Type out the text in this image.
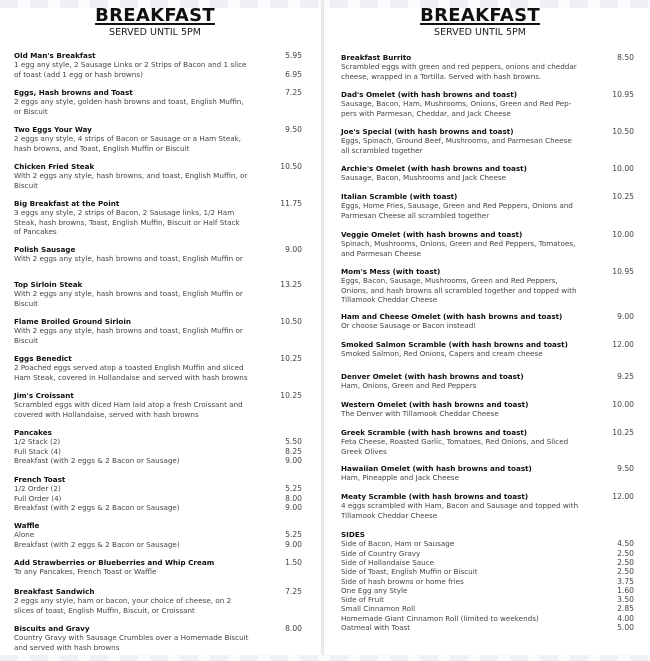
BREAKFAST
SERVED UNTIL 5PM
BREAKFAST
SERVED UNTIL 5PM
Old Man's Breakfast	5.95
1 egg any style, 2 Sausage Links or 2 Strips of Bacon and 1 slice
of toast (add 1 egg or hash browns)	6.95
Eggs, Hash browns and Toast	7.25
2 eggs any style, golden hash browns and toast, English Muffin,
or Biscuit
Two Eggs Your Way	9.50
2 eggs any style, 4 strips of Bacon or Sausage or a Ham Steak,
hash browns, and Toast, English Muffin or Biscuit
Chicken Fried Steak	10.50
With 2 eggs any style, hash browns, and toast, English Muffin, or
Biscuit
Big Breakfast at the Point	11.75
3 eggs any style, 2 strips of Bacon, 2 Sausage links, 1/2 Ham
Steak, hash browns, Toast, English Muffin, Biscuit or Half Stack
of Pancakes
Polish Sausage	9.00
With 2 eggs any style, hash browns and toast, English Muffin or
Top Sirloin Steak	13.25
With 2 eggs any style, hash browns and toast, English Muffin or
Biscuit
Flame Broiled Ground Sirloin	10.50
With 2 eggs any style, hash browns and toast, English Muffin or
Biscuit
Eggs Benedict	10.25
2 Poached eggs served atop a toasted English Muffin and sliced
Ham Steak, covered in Hollandaise and served with hash browns
Jim's Croissant	10.25
Scrambled eggs with diced Ham laid atop a fresh Croissant and
covered with Hollandaise, served with hash browns
Pancakes
1/2 Stack (2)	5.50
Full Stack (4)	8.25
Breakfast (with 2 eggs & 2 Bacon or Sausage)	9.00
French Toast
1/2 Order (2)	5.25
Full Order (4)	8.00
Breakfast (with 2 eggs & 2 Bacon or Sausage)	9.00
Waffle
Alone	5.25
Breakfast (with 2 eggs & 2 Bacon or Sausage)	9.00
Add Strawberries or Blueberries and Whip Cream	1.50
To any Pancakes, French Toast or Waffle
Breakfast Sandwich	7.25
2 eggs any style, ham or bacon, your choice of cheese, on 2
slices of toast, English Muffin, Biscuit, or Croissant
Biscuits and Gravy	8.00
Country Gravy with Sausage Crumbles over a Homemade Biscuit
and served with hash browns
Breakfast Burrito	8.50
Scrambled eggs with green and red peppers, onions and cheddar
cheese, wrapped in a Tortilla. Served with hash browns.
Dad's Omelet (with hash browns and toast)	10.95
Sausage, Bacon, Ham, Mushrooms, Onions, Green and Red Pep-
pers with Parmesan, Cheddar, and Jack Cheese
Joe's Special (with hash browns and toast)	10.50
Eggs, Spinach, Ground Beef, Mushrooms, and Parmesan Cheese
all scrambled together
Archie's Omelet (with hash browns and toast)	10.00
Sausage, Bacon, Mushrooms and Jack Cheese
Italian Scramble (with toast)	10.25
Eggs, Home Fries, Sausage, Green and Red Peppers, Onions and
Parmesan Cheese all scrambled together
Veggie Omelet (with hash browns and toast)	10.00
Spinach, Mushrooms, Onions, Green and Red Peppers, Tomatoes,
and Parmesan Cheese
Mom's Mess (with toast)	10.95
Eggs, Bacon, Sausage, Mushrooms, Green and Red Peppers,
Onions, and hash browns all scrambled together and topped with
Tillamook Cheddar Cheese
Ham and Cheese Omelet (with hash browns and toast)	9.00
Or choose Sausage or Bacon instead!
Smoked Salmon Scramble (with hash browns and toast)	12.00
Smoked Salmon, Red Onions, Capers and cream cheese
Denver Omelet (with hash browns and toast)	9.25
Ham, Onions, Green and Red Peppers
Western Omelet (with hash browns and toast)	10.00
The Denver with Tillamook Cheddar Cheese
Greek Scramble (with hash browns and toast)	10.25
Feta Cheese, Roasted Garlic, Tomatoes, Red Onions, and Sliced
Greek Olives
Hawaiian Omelet (with hash browns and toast)	9.50
Ham, Pineapple and Jack Cheese
Meaty Scramble (with hash browns and toast)	12.00
4 eggs scrambled with Ham, Bacon and Sausage and topped with
Tillamook Cheddar Cheese
SIDES
Side of Bacon, Ham or Sausage	4.50
Side of Country Gravy	2.50
Side of Hollandaise Sauce	2.50
Side of Toast, English Muffin or Biscuit	2.50
Side of hash browns or home fries	3.75
One Egg any Style	1.60
Side of Fruit	3.50
Small Cinnamon Roll	2.85
Homemade Giant Cinnamon Roll (limited to weekends)	4.00
Oatmeal with Toast	5.00
